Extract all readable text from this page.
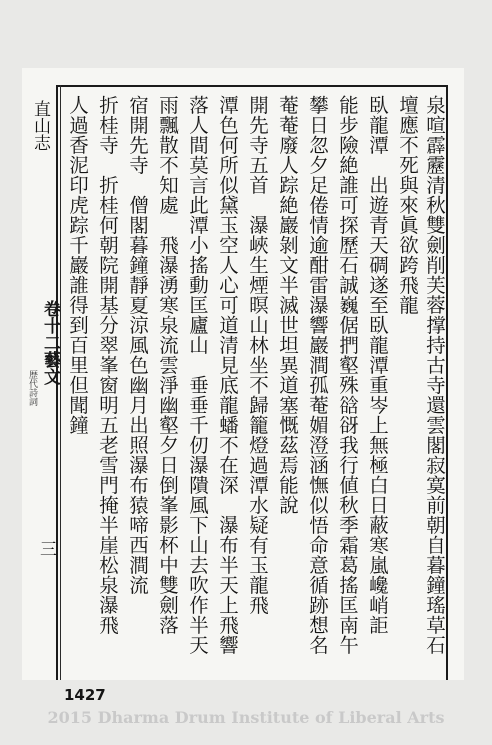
直山志
卷十二藝文
歴代詩詞
三	泉喧霹靂清秋雙劍削芙蓉撑持古寺還雲閣寂寞前朝自暮鐘瑤草石
壇應不死與來眞欲跨飛龍
臥龍潭　出遊青天碉遂至臥龍潭重岑上無極白日蔽寒嵐巉峭詎
能步險絶誰可探歷石誠巍倨捫壑殊谽谺我行値秋季霜葛搖匡南午
攀日忽夕足倦情逾酣雷瀑響巖澗孤菴媚澄涵憮似悟命意循跡想名
菴菴廢人踪絶巖剝文半滅世坦異道塞慨茲焉能說
開先寺五首　瀑峽生煙暝山林坐不歸籠燈過潭水疑有玉龍飛
潭色何所似黛玉空人心可道清見底龍蟠不在深　瀑布半天上飛響
落人間莫言此潭小搖動匡廬山　垂垂千仞瀑隤風下山去吹作半天
雨飄散不知處　飛瀑湧寒泉流雲淨幽壑夕日倒峯影杯中雙劍落
宿開先寺　僧閣暮鐘靜夏涼風色幽月出照瀑布猿啼西澗流
折桂寺　折桂何朝院開基分翠峯窗明五老雪門掩半崖松泉瀑飛
人過香泥印虎踪千巖誰得到百里但聞鐘
1427
2015 Dharma Drum Institute of Liberal Arts
